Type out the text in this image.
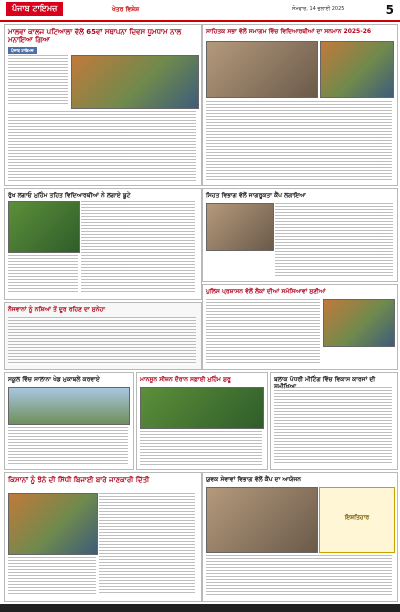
ਪੰਜਾਬ ਟਾਇਮਜ਼	ਖੇਤਰ ਵਿਸ਼ੇਸ਼	ਸੋਮਵਾਰ, 14 ਜੁਲਾਈ 2025	5
ਮਾਲਵਾ ਕਾਲਜ ਪਟਿਆਲਾ ਵੱਲੋਂ 65ਵਾਂ ਸਥਾਪਨਾ ਦਿਵਸ ਧੂਮਧਾਮ ਨਾਲ ਮਨਾਇਆ ਗਿਆ
ਪੰਜਾਬ ਟਾਇਮਜ਼
ਸਾਹਿਤਕ ਸਭਾ ਵੱਲੋਂ ਸਮਾਗਮ ਵਿੱਚ ਵਿਦਿਆਰਥੀਆਂ ਦਾ ਸਨਮਾਨ 2025-26
ਰੁੱਖ ਲਗਾਓ ਮੁਹਿੰਮ ਤਹਿਤ ਵਿਦਿਆਰਥੀਆਂ ਨੇ ਲਗਾਏ ਬੂਟੇ
ਨੌਜਵਾਨਾਂ ਨੂੰ ਨਸ਼ਿਆਂ ਤੋਂ ਦੂਰ ਰਹਿਣ ਦਾ ਸੁਨੇਹਾ
ਸਿਹਤ ਵਿਭਾਗ ਵੱਲੋਂ ਜਾਗਰੂਕਤਾ ਕੈਂਪ ਲਗਾਇਆ
ਪੁਲਿਸ ਪ੍ਰਸ਼ਾਸਨ ਵੱਲੋਂ ਲੋਕਾਂ ਦੀਆਂ ਸਮੱਸਿਆਵਾਂ ਸੁਣੀਆਂ
ਸਕੂਲ ਵਿੱਚ ਸਾਲਾਨਾ ਖੇਡ ਮੁਕਾਬਲੇ ਕਰਵਾਏ	ਮਾਨਸੂਨ ਸੀਜ਼ਨ ਦੌਰਾਨ ਸਫ਼ਾਈ ਮੁਹਿੰਮ ਸ਼ੁਰੂ	ਬਲਾਕ ਪੱਧਰੀ ਮੀਟਿੰਗ ਵਿੱਚ ਵਿਕਾਸ ਕਾਰਜਾਂ ਦੀ
ਕਿਸਾਨਾਂ ਨੂੰ ਝੋਨੇ ਦੀ ਸਿੱਧੀ ਬਿਜਾਈ ਬਾਰੇ ਜਾਣਕਾਰੀ ਦਿੱਤੀ	ਯੁਵਕ ਸੇਵਾਵਾਂ ਵਿਭਾਗ ਵੱਲੋਂ ਕੈਂਪ ਦਾ ਆਯੋਜਨ
ਇਸ਼ਤਿਹਾਰ
